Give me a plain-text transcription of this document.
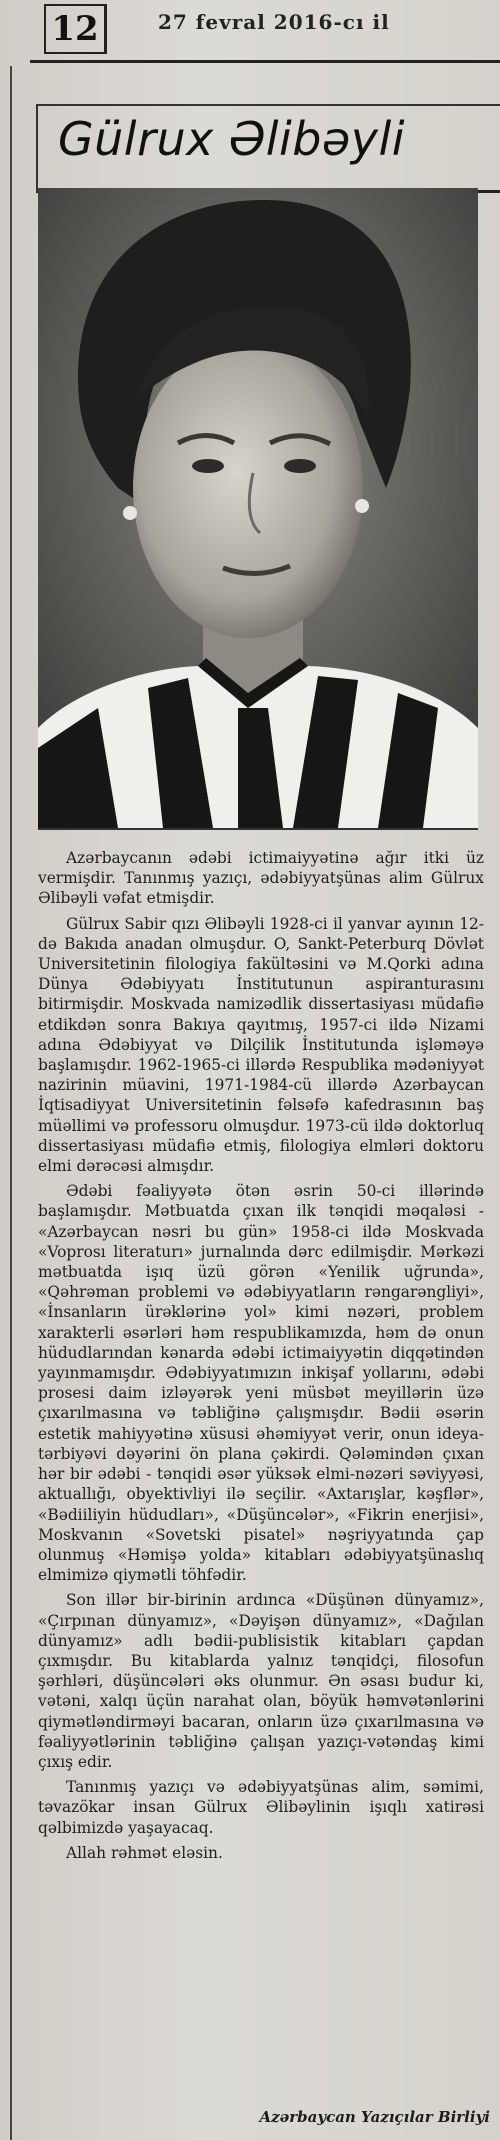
12	27 fevral 2016-cı il
Gülrux Əlibəyli

Azərbaycanın ədəbi ictimaiyyətinə ağır itki üz vermişdir. Tanınmış yazıçı, ədəbiyyatşünas alim Gülrux Əlibəyli vəfat etmişdir.

Gülrux Sabir qızı Əlibəyli 1928-ci il yanvar ayının 12-də Bakıda anadan olmuşdur. O, Sankt-Peterburq Dövlət Universitetinin filologiya fakültəsini və M.Qorki adına Dünya Ədəbiyyatı İnstitutunun aspiranturasını bitirmişdir. Moskvada namizədlik dissertasiyası müdafiə etdikdən sonra Bakıya qayıtmış, 1957-ci ildə Nizami adına Ədəbiyyat və Dilçilik İnstitutunda işləməyə başlamışdır. 1962-1965-ci illərdə Respublika mədəniyyət nazirinin müavini, 1971-1984-cü illərdə Azərbaycan İqtisadiyyat Universitetinin fəlsəfə kafedrasının baş müəllimi və professoru olmuşdur. 1973-cü ildə doktorluq dissertasiyası müdafiə etmiş, filologiya elmləri doktoru elmi dərəcəsi almışdır.

Ədəbi fəaliyyətə ötən əsrin 50-ci illərində başlamışdır. Mətbuatda çıxan ilk tənqidi məqaləsi - «Azərbaycan nəsri bu gün» 1958-ci ildə Moskvada «Voprosı literaturı» jurnalında dərc edilmişdir. Mərkəzi mətbuatda işıq üzü görən «Yenilik uğrunda», «Qəhrəman problemi və ədəbiyyatların rəngarəngliyi», «İnsanların ürəklərinə yol» kimi nəzəri, problem xarakterli əsərləri həm respublikamızda, həm də onun hüdudlarından kənarda ədəbi ictimaiyyətin diqqətindən yayınmamışdır. Ədəbiyyatımızın inkişaf yollarını, ədəbi prosesi daim izləyərək yeni müsbət meyillərin üzə çıxarılmasına və təbliğinə çalışmışdır. Bədii əsərin estetik mahiyyətinə xüsusi əhəmiyyət verir, onun ideya-tərbiyəvi dəyərini ön plana çəkirdi. Qələmindən çıxan hər bir ədəbi - tənqidi əsər yüksək elmi-nəzəri səviyyəsi, aktuallığı, obyektivliyi ilə seçilir. «Axtarışlar, kəşflər», «Bədiiliyin hüdudları», «Düşüncələr», «Fikrin enerjisi», Moskvanın «Sovetski pisatel» nəşriyyatında çap olunmuş «Həmişə yolda» kitabları ədəbiyyatşünaslıq elmimizə qiymətli töhfədir.

Son illər bir-birinin ardınca «Düşünən dünyamız», «Çırpınan dünyamız», «Dəyişən dünyamız», «Dağılan dünyamız» adlı bədii-publisistik kitabları çapdan çıxmışdır. Bu kitablarda yalnız tənqidçi, filosofun şərhləri, düşüncələri əks olunmur. Ən əsası budur ki, vətəni, xalqı üçün narahat olan, böyük həmvətənlərini qiymətləndirməyi bacaran, onların üzə çıxarılmasına və fəaliyyətlərinin təbliğinə çalışan yazıçı-vətəndaş kimi çıxış edir.

Tanınmış yazıçı və ədəbiyyatşünas alim, səmimi, təvazökar insan Gülrux Əlibəylinin işıqlı xatirəsi qəlbimizdə yaşayacaq.

Allah rəhmət eləsin.

Azərbaycan Yazıçılar Birliyi
